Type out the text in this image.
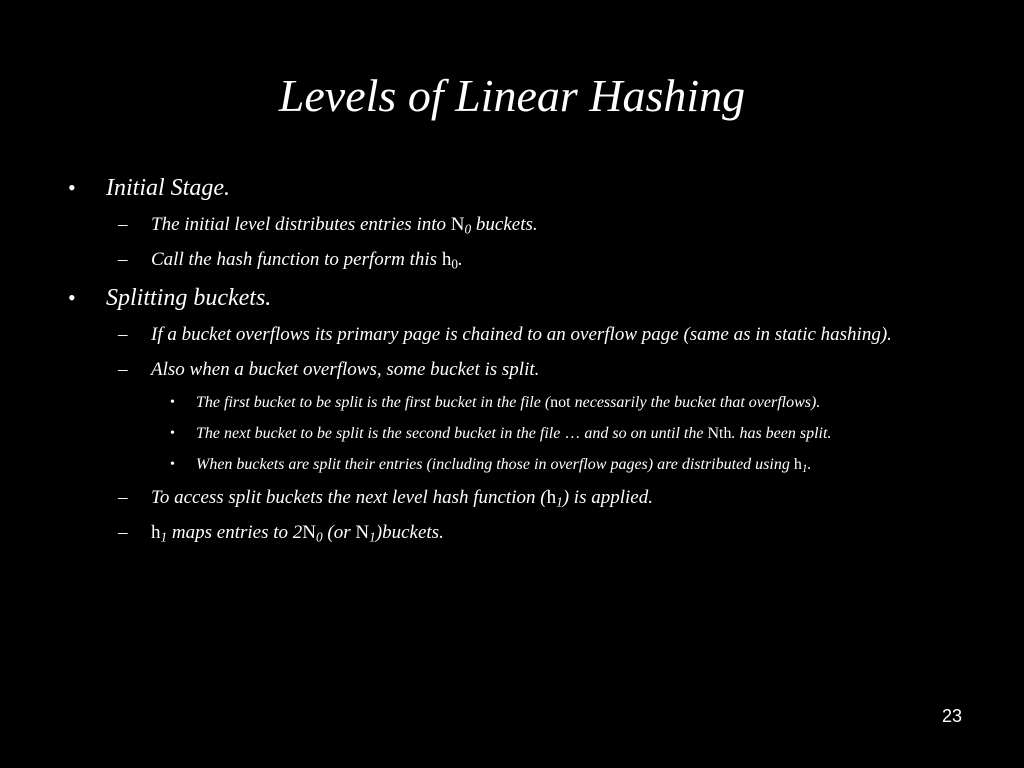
Levels of Linear Hashing
• Initial Stage.
– The initial level distributes entries into $N_0$ buckets.
– Call the hash function to perform this $h_0$.
• Splitting buckets.
– If a bucket overflows its primary page is chained to an overflow page (same as in static hashing).
– Also when a bucket overflows, some bucket is split.
• The first bucket to be split is the first bucket in the file (not necessarily the bucket that overflows).
• The next bucket to be split is the second bucket in the file … and so on until the Nth. has been split.
• When buckets are split their entries (including those in overflow pages) are distributed using $h_1$.
– To access split buckets the next level hash function $(h_1)$ is applied.
– $h_1$ maps entries to $2N_0$ (or $N_1)buckets$.
23
